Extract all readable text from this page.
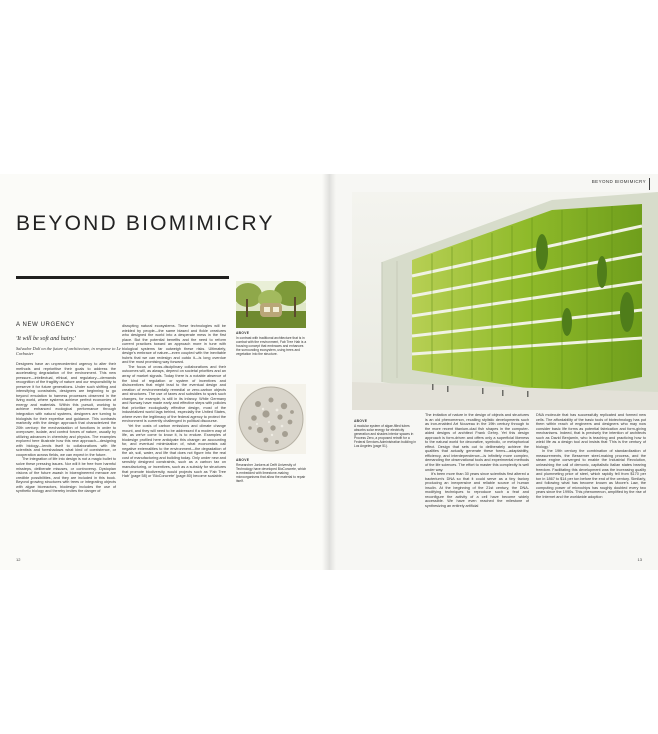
BEYOND BIOMIMICRY
A NEW URGENCY
'It will be soft and hairy.'
Salvador Dalí on the future of architecture, in response to Le Corbusier

Designers have an unprecedented urgency to alter their methods and reprioritise their goals to address the accelerating degradation of the environment. This new pressure—intellectual, ethical, and regulatory—demands recognition of the fragility of nature and our responsibility to preserve it for future generations. Under such shifting and intensifying constraints, designers are beginning to go beyond emulation to harness processes observed in the living world, where systems achieve perfect economies of energy and materials. Within this pursuit, working to achieve enhanced ecological performance through integration with natural systems, designers are turning to biologists for their expertise and guidance. This contrasts markedly with the design approach that characterized the 20th century: the mechanization of functions in order to overpower, isolate, and control forces of nature, usually by utilizing advances in chemistry and physics. The examples explored here illustrate how this new approach—designing with biology—lends itself to collaborations with life scientists and foreshadows what kind of coexistence, or cooperation across fields, we can expect in the future.

The integration of life into design is not a magic bullet to solve these pressing issues. Nor will it be free from harmful missteps, deliberate misuses, or controversy. Dystopian visions of the future awash in bioengineered menace are credible possibilities, and they are included in this book. Beyond growing structures with trees or integrating objects with algae bioreactors, biodesign includes the use of synthetic biology and thereby invites the danger of

disrupting natural ecosystems. These technologies will be wielded by people—the same biased and fickle creatures who designed the world into a desperate mess in the first place. But the potential benefits and the need to reform current practices toward an approach more in tune with biological systems far outweigh these risks. Ultimately, design's embrace of nature—even coupled with the inevitable hubris that we can redesign and outdo it—is long overdue and the most promising way forward.

The focus of cross-disciplinary collaborations and their outcomes will, as always, depend on societal priorities and an array of market signals. Today there is a notable absence of the kind of regulation or system of incentives and disincentives that might lead to the eventual design and creation of environmentally remedial or zero-carbon objects and structures. The use of taxes and subsidies to spark such changes, for example, is still in its infancy. While Germany and Norway have made early and effective steps with policies that prioritize ecologically effective design, most of the industrialized world lags behind, especially the United States, where even the legitimacy of the federal agency to protect the environment is currently challenged in political discourse.

Yet the costs of carbon emissions and climate change mount, and they will need to be addressed if a modern way of life, as we've come to know it, is to endure. Examples of biodesign profiled here anticipate this change: an accounting for, and eventual minimization of, what economists call negative externalities to the environment—the degradation of the air, soil, water, and life that does not figure into the real cost of manufacturing and building today. Only under new and sensibly designed constraints, such as a carbon tax on manufacturing, or incentives, such as a subsidy for structures that promote biodiversity, would projects such as 'Fab Tree Hab' (page 58) or 'BioConcrete' (page 80) become scalable.

ABOVE
In contrast with traditional architecture that is in combat with the environment, Fab Tree Hab is a housing concept that embraces and enhances the surrounding ecosystem, using trees and vegetation into the structure.
ABOVE
Researcher Jonkers at Delft University of Technology have developed BioConcrete, which is embedded with limestone-making microorganisms that allow the material to repair itself.
12
BEYOND BIOMIMICRY
ABOVE
A modular system of algae-filled tubes absorbs solar energy for electricity generation and shades interior spaces in Process Zero, a proposed retrofit for a Federal Services Administration building in Los Angeles (page 51).

The imitation of nature in the design of objects and structures is an old phenomenon, recalling stylistic developments such as iron-enabled Art Nouveau in the 19th century through to the more recent titanium-clad fish shapes in the computer-aided designs of architect Frank Gehry. Yet this design approach is form-driven and offers only a superficial likeness to the natural world for decorative, symbolic, or metaphorical effect. Design that sets out to deliberately achieve the qualities that actually generate these forms—adaptability, efficiency, and interdependence—is infinitely more complex, demanding the observational tools and experimental methods of the life sciences. The effort to master this complexity is well under way.

It's been more than 30 years since scientists first altered a bacterium's DNA so that it could serve as a tiny factory producing an inexpensive and reliable source of human insulin. At the beginning of the 21st century, the DNA-modifying techniques to reproduce such a feat and reconfigure the activity of a cell have become widely accessible. We have even reached the milestone of synthesizing an entirely artificial

DNA molecule that has successfully replicated and formed new cells. The affordability of the basic tools of biotechnology has put them within reach of engineers and designers who may now consider basic life forms as potential fabrication and form-giving mechanisms. Indeed, that is precisely the intention of architects such as David Benjamin, who is teaching and practicing how to wield life as a design tool and insists that 'This is the century of biology.'

In the 19th century the combination of standardization of measurements, the Bessemer steel-making process, and the steam engine converged to enable the Industrial Revolution, unleashing the call of demonic, capitalistic Italian states bearing freedom. Facilitating this development was the increasing quality and plummeting price of steel, which rapidly fell from $170 per ton in 1867 to $14 per ton before the end of the century. Similarly, and following what has become known as Moore's Law, the computing power of microchips has roughly doubled every two years since the 1990s. This phenomenon, amplified by the rise of the Internet and the worldwide adoption

13
